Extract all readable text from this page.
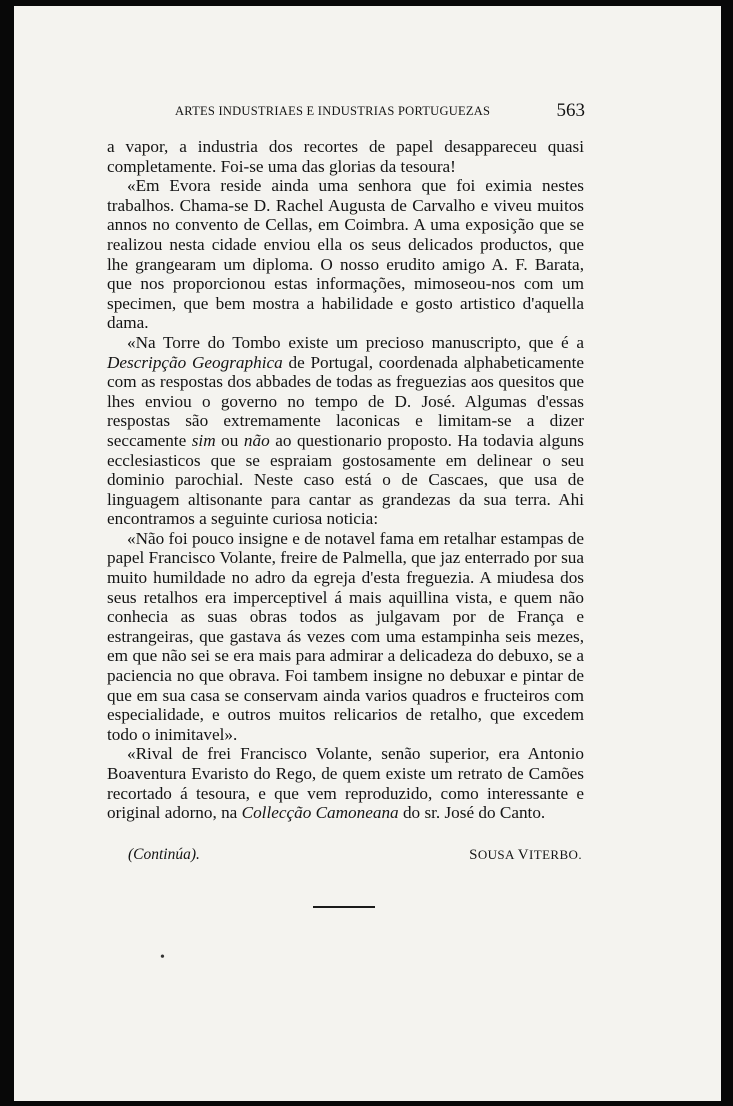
ARTES INDUSTRIAES E INDUSTRIAS PORTUGUEZAS	563

a vapor, a industria dos recortes de papel desappareceu quasi completamente. Foi-se uma das glorias da tesoura!

«Em Evora reside ainda uma senhora que foi eximia nestes trabalhos. Chama-se D. Rachel Augusta de Carvalho e viveu muitos annos no convento de Cellas, em Coimbra. A uma exposição que se realizou nesta cidade enviou ella os seus delicados productos, que lhe grangearam um diploma. O nosso erudito amigo A. F. Barata, que nos proporcionou estas informações, mimoseou-nos com um specimen, que bem mostra a habilidade e gosto artistico d'aquella dama.

«Na Torre do Tombo existe um precioso manuscripto, que é a Descripção Geographica de Portugal, coordenada alphabeticamente com as respostas dos abbades de todas as freguezias aos quesitos que lhes enviou o governo no tempo de D. José. Algumas d'essas respostas são extremamente laconicas e limitam-se a dizer seccamente sim ou não ao questionario proposto. Ha todavia alguns ecclesiasticos que se espraiam gostosamente em delinear o seu dominio parochial. Neste caso está o de Cascaes, que usa de linguagem altisonante para cantar as grandezas da sua terra. Ahi encontramos a seguinte curiosa noticia:

«Não foi pouco insigne e de notavel fama em retalhar estampas de papel Francisco Volante, freire de Palmella, que jaz enterrado por sua muito humildade no adro da egreja d'esta freguezia. A miudesa dos seus retalhos era imperceptivel á mais aquillina vista, e quem não conhecia as suas obras todos as julgavam por de França e estrangeiras, que gastava ás vezes com uma estampinha seis mezes, em que não sei se era mais para admirar a delicadeza do debuxo, se a paciencia no que obrava. Foi tambem insigne no debuxar e pintar de que em sua casa se conservam ainda varios quadros e fructeiros com especialidade, e outros muitos relicarios de retalho, que excedem todo o inimitavel».

«Rival de frei Francisco Volante, senão superior, era Antonio Boaventura Evaristo do Rego, de quem existe um retrato de Camões recortado á tesoura, e que vem reproduzido, como interessante e original adorno, na Collecção Camoneana do sr. José do Canto.

(Continúa).	SOUSA VITERBO.
•
